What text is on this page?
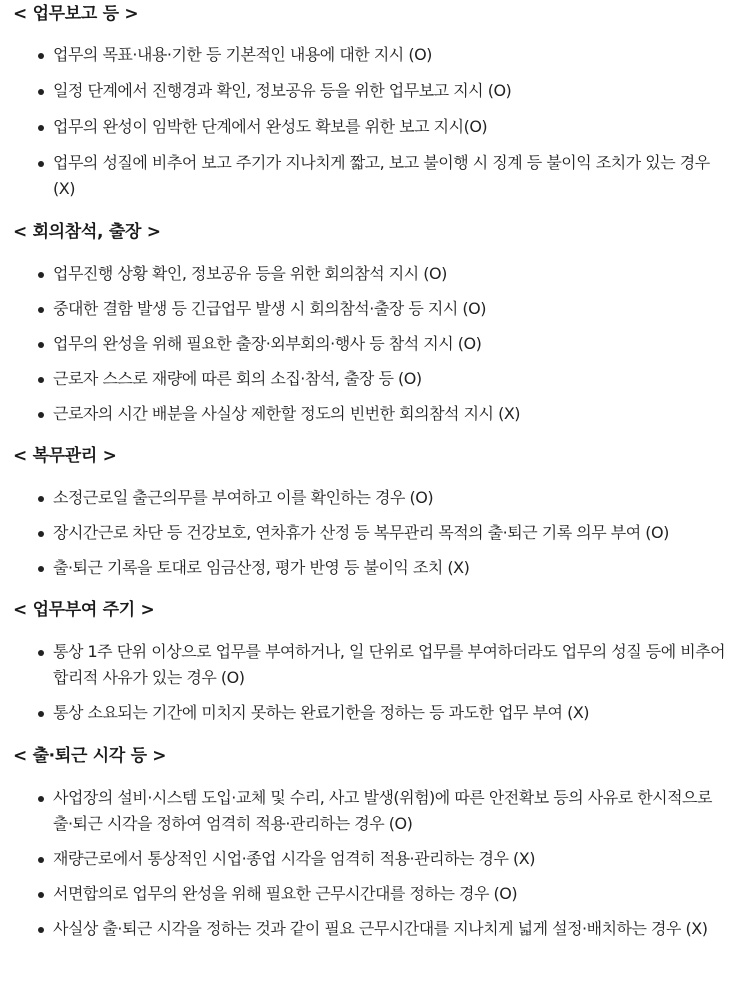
< 업무보고 등 >
업무의 목표·내용·기한 등 기본적인 내용에 대한 지시 (O)
일정 단계에서 진행경과 확인, 정보공유 등을 위한 업무보고 지시 (O)
업무의 완성이 임박한 단계에서 완성도 확보를 위한 보고 지시(O)
업무의 성질에 비추어 보고 주기가 지나치게 짧고, 보고 불이행 시 징계 등 불이익 조치가 있는 경우 (X)
< 회의참석, 출장 >
업무진행 상황 확인, 정보공유 등을 위한 회의참석 지시 (O)
중대한 결함 발생 등 긴급업무 발생 시 회의참석·출장 등 지시 (O)
업무의 완성을 위해 필요한 출장·외부회의·행사 등 참석 지시 (O)
근로자 스스로 재량에 따른 회의 소집·참석, 출장 등 (O)
근로자의 시간 배분을 사실상 제한할 정도의 빈번한 회의참석 지시 (X)
< 복무관리 >
소정근로일 출근의무를 부여하고 이를 확인하는 경우 (O)
장시간근로 차단 등 건강보호, 연차휴가 산정 등 복무관리 목적의 출·퇴근 기록 의무 부여 (O)
출·퇴근 기록을 토대로 임금산정, 평가 반영 등 불이익 조치 (X)
< 업무부여 주기 >
통상 1주 단위 이상으로 업무를 부여하거나, 일 단위로 업무를 부여하더라도 업무의 성질 등에 비추어 합리적 사유가 있는 경우 (O)
통상 소요되는 기간에 미치지 못하는 완료기한을 정하는 등 과도한 업무 부여 (X)
< 출·퇴근 시각 등 >
사업장의 설비·시스템 도입·교체 및 수리, 사고 발생(위험)에 따른 안전확보 등의 사유로 한시적으로 출·퇴근 시각을 정하여 엄격히 적용·관리하는 경우 (O)
재량근로에서 통상적인 시업·종업 시각을 엄격히 적용·관리하는 경우 (X)
서면합의로 업무의 완성을 위해 필요한 근무시간대를 정하는 경우 (O)
사실상 출·퇴근 시각을 정하는 것과 같이 필요 근무시간대를 지나치게 넓게 설정·배치하는 경우 (X)
